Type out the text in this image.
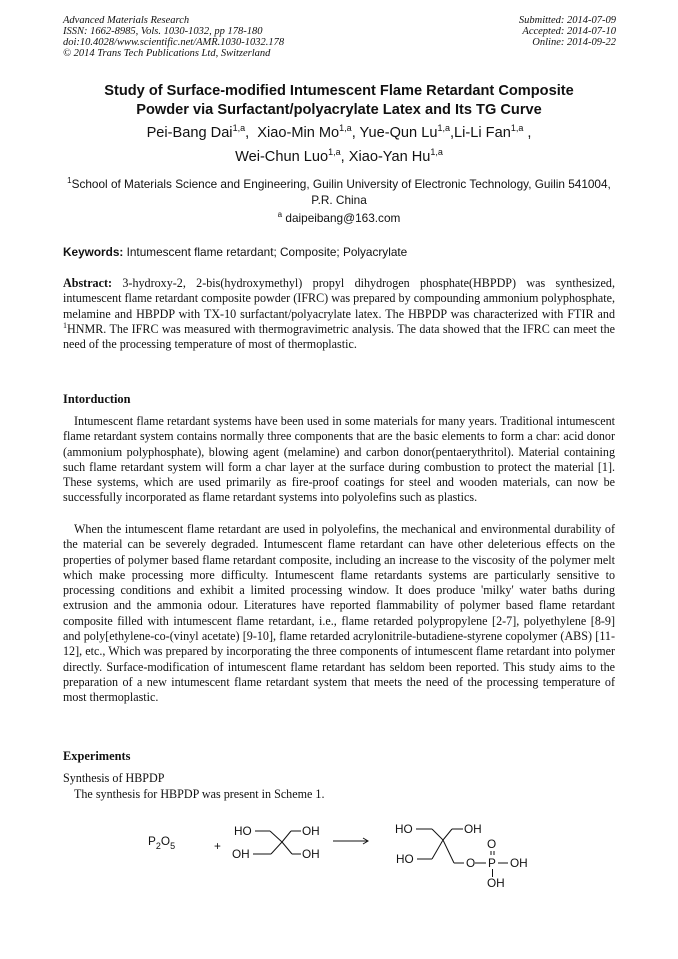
Advanced Materials Research
ISSN: 1662-8985, Vols. 1030-1032, pp 178-180
doi:10.4028/www.scientific.net/AMR.1030-1032.178
© 2014 Trans Tech Publications Ltd, Switzerland
Submitted: 2014-07-09
Accepted: 2014-07-10
Online: 2014-09-22
Study of Surface-modified Intumescent Flame Retardant Composite
Powder via Surfactant/polyacrylate Latex and Its TG Curve
Pei-Bang Dai$^{1,a}$,  Xiao-Min Mo$^{1,a}$, Yue-Qun Lu$^{1,a}$,Li-Li Fan$^{1,a}$ ,
Wei-Chun Luo$^{1,a}$, Xiao-Yan Hu$^{1,a}$
$^1$School of Materials Science and Engineering, Guilin University of Electronic Technology, Guilin 541004, P.R. China
$^a$ daipeibang@163.com
Keywords: Intumescent flame retardant; Composite; Polyacrylate
Abstract: 3-hydroxy-2, 2-bis(hydroxymethyl) propyl dihydrogen phosphate(HBPDP) was synthesized, intumescent flame retardant composite powder (IFRC) was prepared by compounding ammonium polyphosphate, melamine and HBPDP with TX-10 surfactant/polyacrylate latex. The HBPDP was characterized with FTIR and $^1$HNMR. The IFRC was measured with thermogravimetric analysis. The data showed that the IFRC can meet the need of the processing temperature of most of thermoplastic.
Intorduction
Intumescent flame retardant systems have been used in some materials for many years. Traditional intumescent flame retardant system contains normally three components that are the basic elements to form a char: acid donor (ammonium polyphosphate), blowing agent (melamine) and carbon donor(pentaerythritol). Material containing such flame retardant system will form a char layer at the surface during combustion to protect the material [1]. These systems, which are used primarily as fire-proof coatings for steel and wooden materials, can now be successfully incorporated as flame retardant systems into polyolefins such as plastics.
When the intumescent flame retardant are used in polyolefins, the mechanical and environmental durability of the material can be severely degraded. Intumescent flame retardant can have other deleterious effects on the properties of polymer based flame retardant composite, including an increase to the viscosity of the polymer melt which make processing more difficulty. Intumescent flame retardants systems are particularly sensitive to processing conditions and exhibit a limited processing window. It does produce 'milky' water baths during extrusion and the ammonia odour. Literatures have reported flammability of polymer based flame retardant composite filled with intumescent flame retardant, i.e., flame retarded polypropylene [2-7], polyethylene [8-9] and poly[ethylene-co-(vinyl acetate) [9-10], flame retarded acrylonitrile-butadiene-styrene copolymer (ABS) [11-12], etc., Which was prepared by incorporating the three components of intumescent flame retardant into polymer directly. Surface-modification of intumescent flame retardant has seldom been reported. This study aims to the preparation of a new intumescent flame retardant system that meets the need of the processing temperature of most thermoplastic.
Experiments
Synthesis of HBPDP
The synthesis for HBPDP was present in Scheme 1.
$P_2O_5$	+
HO	OH
OH	OH
HO	OH
HO	O
O
P OH
OH
